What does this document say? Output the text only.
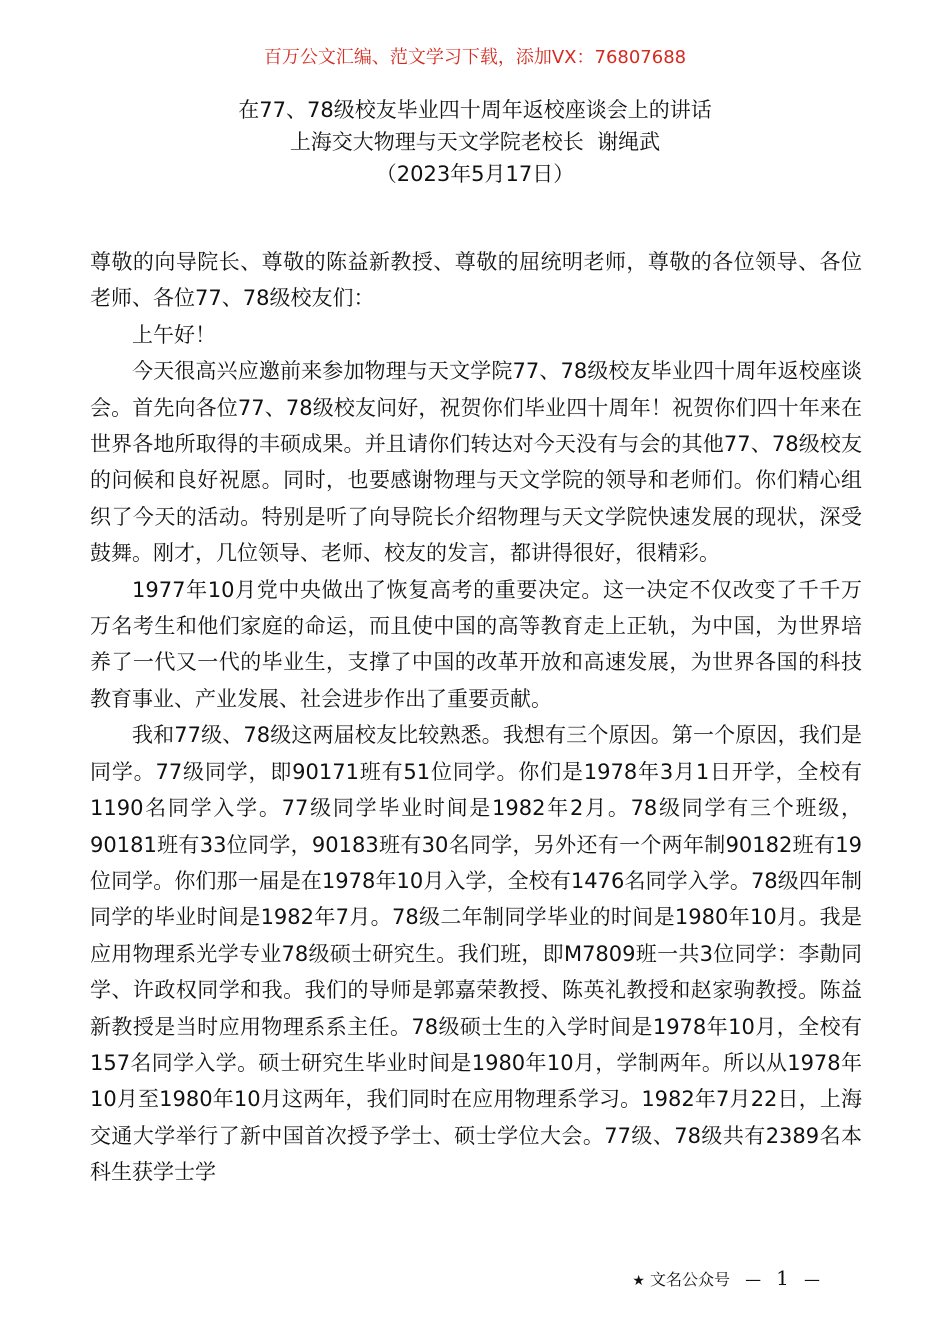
百万公文汇编、范文学习下载，添加VX：76807688
在77、78级校友毕业四十周年返校座谈会上的讲话
上海交大物理与天文学院老校长  谢绳武
（2023年5月17日）

尊敬的向导院长、尊敬的陈益新教授、尊敬的屈统明老师，尊敬的各位领导、各位老师、各位77、78级校友们：

上午好！

今天很高兴应邀前来参加物理与天文学院77、78级校友毕业四十周年返校座谈会。首先向各位77、78级校友问好，祝贺你们毕业四十周年！祝贺你们四十年来在世界各地所取得的丰硕成果。并且请你们转达对今天没有与会的其他77、78级校友的问候和良好祝愿。同时，也要感谢物理与天文学院的领导和老师们。你们精心组织了今天的活动。特别是听了向导院长介绍物理与天文学院快速发展的现状，深受鼓舞。刚才，几位领导、老师、校友的发言，都讲得很好，很精彩。

1977年10月党中央做出了恢复高考的重要决定。这一决定不仅改变了千千万万名考生和他们家庭的命运，而且使中国的高等教育走上正轨，为中国，为世界培养了一代又一代的毕业生，支撑了中国的改革开放和高速发展，为世界各国的科技教育事业、产业发展、社会进步作出了重要贡献。

我和77级、78级这两届校友比较熟悉。我想有三个原因。第一个原因，我们是同学。77级同学，即90171班有51位同学。你们是1978年3月1日开学，全校有1190名同学入学。77级同学毕业时间是1982年2月。78级同学有三个班级，90181班有33位同学，90183班有30名同学，另外还有一个两年制90182班有19位同学。你们那一届是在1978年10月入学，全校有1476名同学入学。78级四年制同学的毕业时间是1982年7月。78级二年制同学毕业的时间是1980年10月。我是应用物理系光学专业78级硕士研究生。我们班，即M7809班一共3位同学：李勣同学、许政权同学和我。我们的导师是郭嘉荣教授、陈英礼教授和赵家驹教授。陈益新教授是当时应用物理系系主任。78级硕士生的入学时间是1978年10月，全校有157名同学入学。硕士研究生毕业时间是1980年10月，学制两年。所以从1978年10月至1980年10月这两年，我们同时在应用物理系学习。1982年7月22日，上海交通大学举行了新中国首次授予学士、硕士学位大会。77级、78级共有2389名本科生获学士学

★ 文名公众号 — 1 —
